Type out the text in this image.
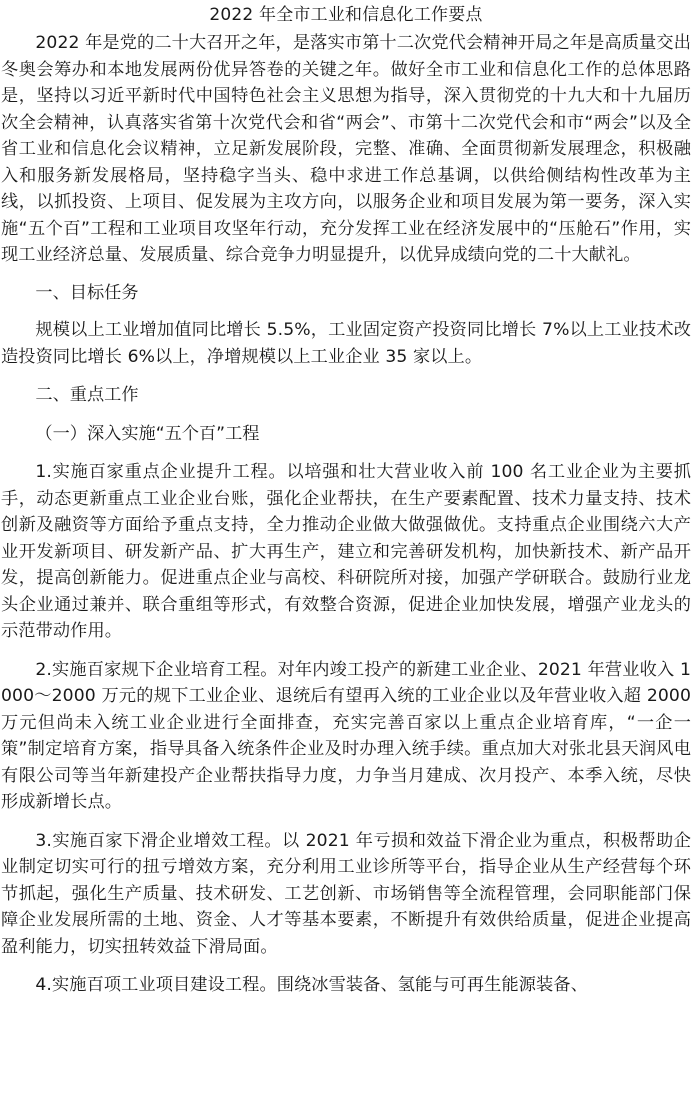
2022 年全市工业和信息化工作要点

2022 年是党的二十大召开之年，是落实市第十二次党代会精神开局之年是高质量交出冬奥会筹办和本地发展两份优异答卷的关键之年。做好全市工业和信息化工作的总体思路是，坚持以习近平新时代中国特色社会主义思想为指导，深入贯彻党的十九大和十九届历次全会精神，认真落实省第十次党代会和省“两会”、市第十二次党代会和市“两会”以及全省工业和信息化会议精神，立足新发展阶段，完整、准确、全面贯彻新发展理念，积极融入和服务新发展格局，坚持稳字当头、稳中求进工作总基调，以供给侧结构性改革为主线，以抓投资、上项目、促发展为主攻方向，以服务企业和项目发展为第一要务，深入实施“五个百”工程和工业项目攻坚年行动，充分发挥工业在经济发展中的“压舱石”作用，实现工业经济总量、发展质量、综合竞争力明显提升，以优异成绩向党的二十大献礼。

一、目标任务

规模以上工业增加值同比增长 5.5%，工业固定资产投资同比增长 7%以上工业技术改造投资同比增长 6%以上，净增规模以上工业企业 35 家以上。

二、重点工作

（一）深入实施“五个百”工程

1.实施百家重点企业提升工程。以培强和壮大营业收入前 100 名工业企业为主要抓手，动态更新重点工业企业台账，强化企业帮扶，在生产要素配置、技术力量支持、技术创新及融资等方面给予重点支持，全力推动企业做大做强做优。支持重点企业围绕六大产业开发新项目、研发新产品、扩大再生产，建立和完善研发机构，加快新技术、新产品开发，提高创新能力。促进重点企业与高校、科研院所对接，加强产学研联合。鼓励行业龙头企业通过兼并、联合重组等形式，有效整合资源，促进企业加快发展，增强产业龙头的示范带动作用。

2.实施百家规下企业培育工程。对年内竣工投产的新建工业企业、2021 年营业收入 1000～2000 万元的规下工业企业、退统后有望再入统的工业企业以及年营业收入超 2000 万元但尚未入统工业企业进行全面排查，充实完善百家以上重点企业培育库，“一企一策”制定培育方案，指导具备入统条件企业及时办理入统手续。重点加大对张北县天润风电有限公司等当年新建投产企业帮扶指导力度，力争当月建成、次月投产、本季入统，尽快形成新增长点。

3.实施百家下滑企业增效工程。以 2021 年亏损和效益下滑企业为重点，积极帮助企业制定切实可行的扭亏增效方案，充分利用工业诊所等平台，指导企业从生产经营每个环节抓起，强化生产质量、技术研发、工艺创新、市场销售等全流程管理，会同职能部门保障企业发展所需的土地、资金、人才等基本要素，不断提升有效供给质量，促进企业提高盈利能力，切实扭转效益下滑局面。

4.实施百项工业项目建设工程。围绕冰雪装备、氢能与可再生能源装备、
